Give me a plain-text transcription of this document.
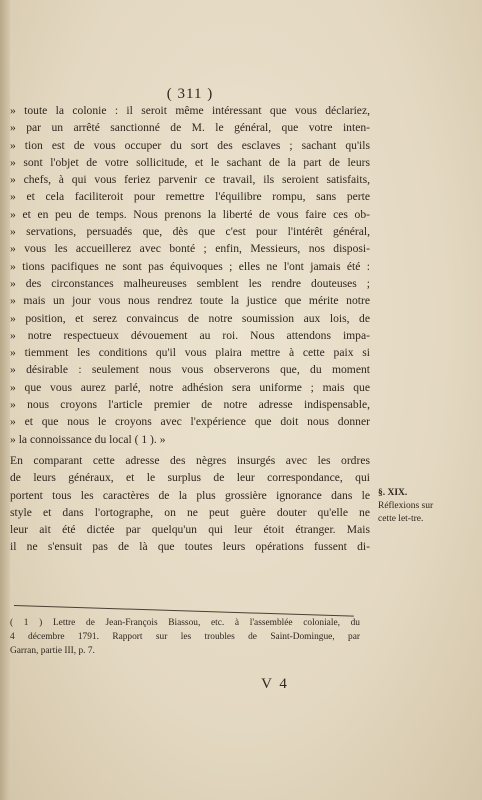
( 311 )
» toute la colonie : il seroit même intéressant que vous déclariez,
» par un arrêté sanctionné de M. le général, que votre inten-
» tion est de vous occuper du sort des esclaves ; sachant qu'ils
» sont l'objet de votre sollicitude, et le sachant de la part de leurs
» chefs, à qui vous feriez parvenir ce travail, ils seroient satisfaits,
» et cela faciliteroit pour remettre l'équilibre rompu, sans perte
» et en peu de temps. Nous prenons la liberté de vous faire ces ob-
» servations, persuadés que, dès que c'est pour l'intérêt général,
» vous les accueillerez avec bonté ; enfin, Messieurs, nos disposi-
» tions pacifiques ne sont pas équivoques ; elles ne l'ont jamais été :
» des circonstances malheureuses semblent les rendre douteuses ;
» mais un jour vous nous rendrez toute la justice que mérite notre
» position, et serez convaincus de notre soumission aux lois, de
» notre respectueux dévouement au roi. Nous attendons impa-
» tiemment les conditions qu'il vous plaira mettre à cette paix si
» désirable : seulement nous vous observerons que, du moment
» que vous aurez parlé, notre adhésion sera uniforme ; mais que
» nous croyons l'article premier de notre adresse indispensable,
» et que nous le croyons avec l'expérience que doit nous donner
» la connoissance du local ( 1 ). »
En comparant cette adresse des nègres insurgés avec les ordres
de leurs généraux, et le surplus de leur correspondance, qui
portent tous les caractères de la plus grossière ignorance dans le
style et dans l'ortographe, on ne peut guère douter qu'elle ne
leur ait été dictée par quelqu'un qui leur étoit étranger. Mais
il ne s'ensuit pas de là que toutes leurs opérations fussent di-
§. XIX.
Réflexions sur cette let-tre.
( 1 ) Lettre de Jean-François Biassou, etc. à l'assemblée coloniale, du
4 décembre 1791. Rapport sur les troubles de Saint-Domingue, par
Garran, partie III, p. 7.
V 4
